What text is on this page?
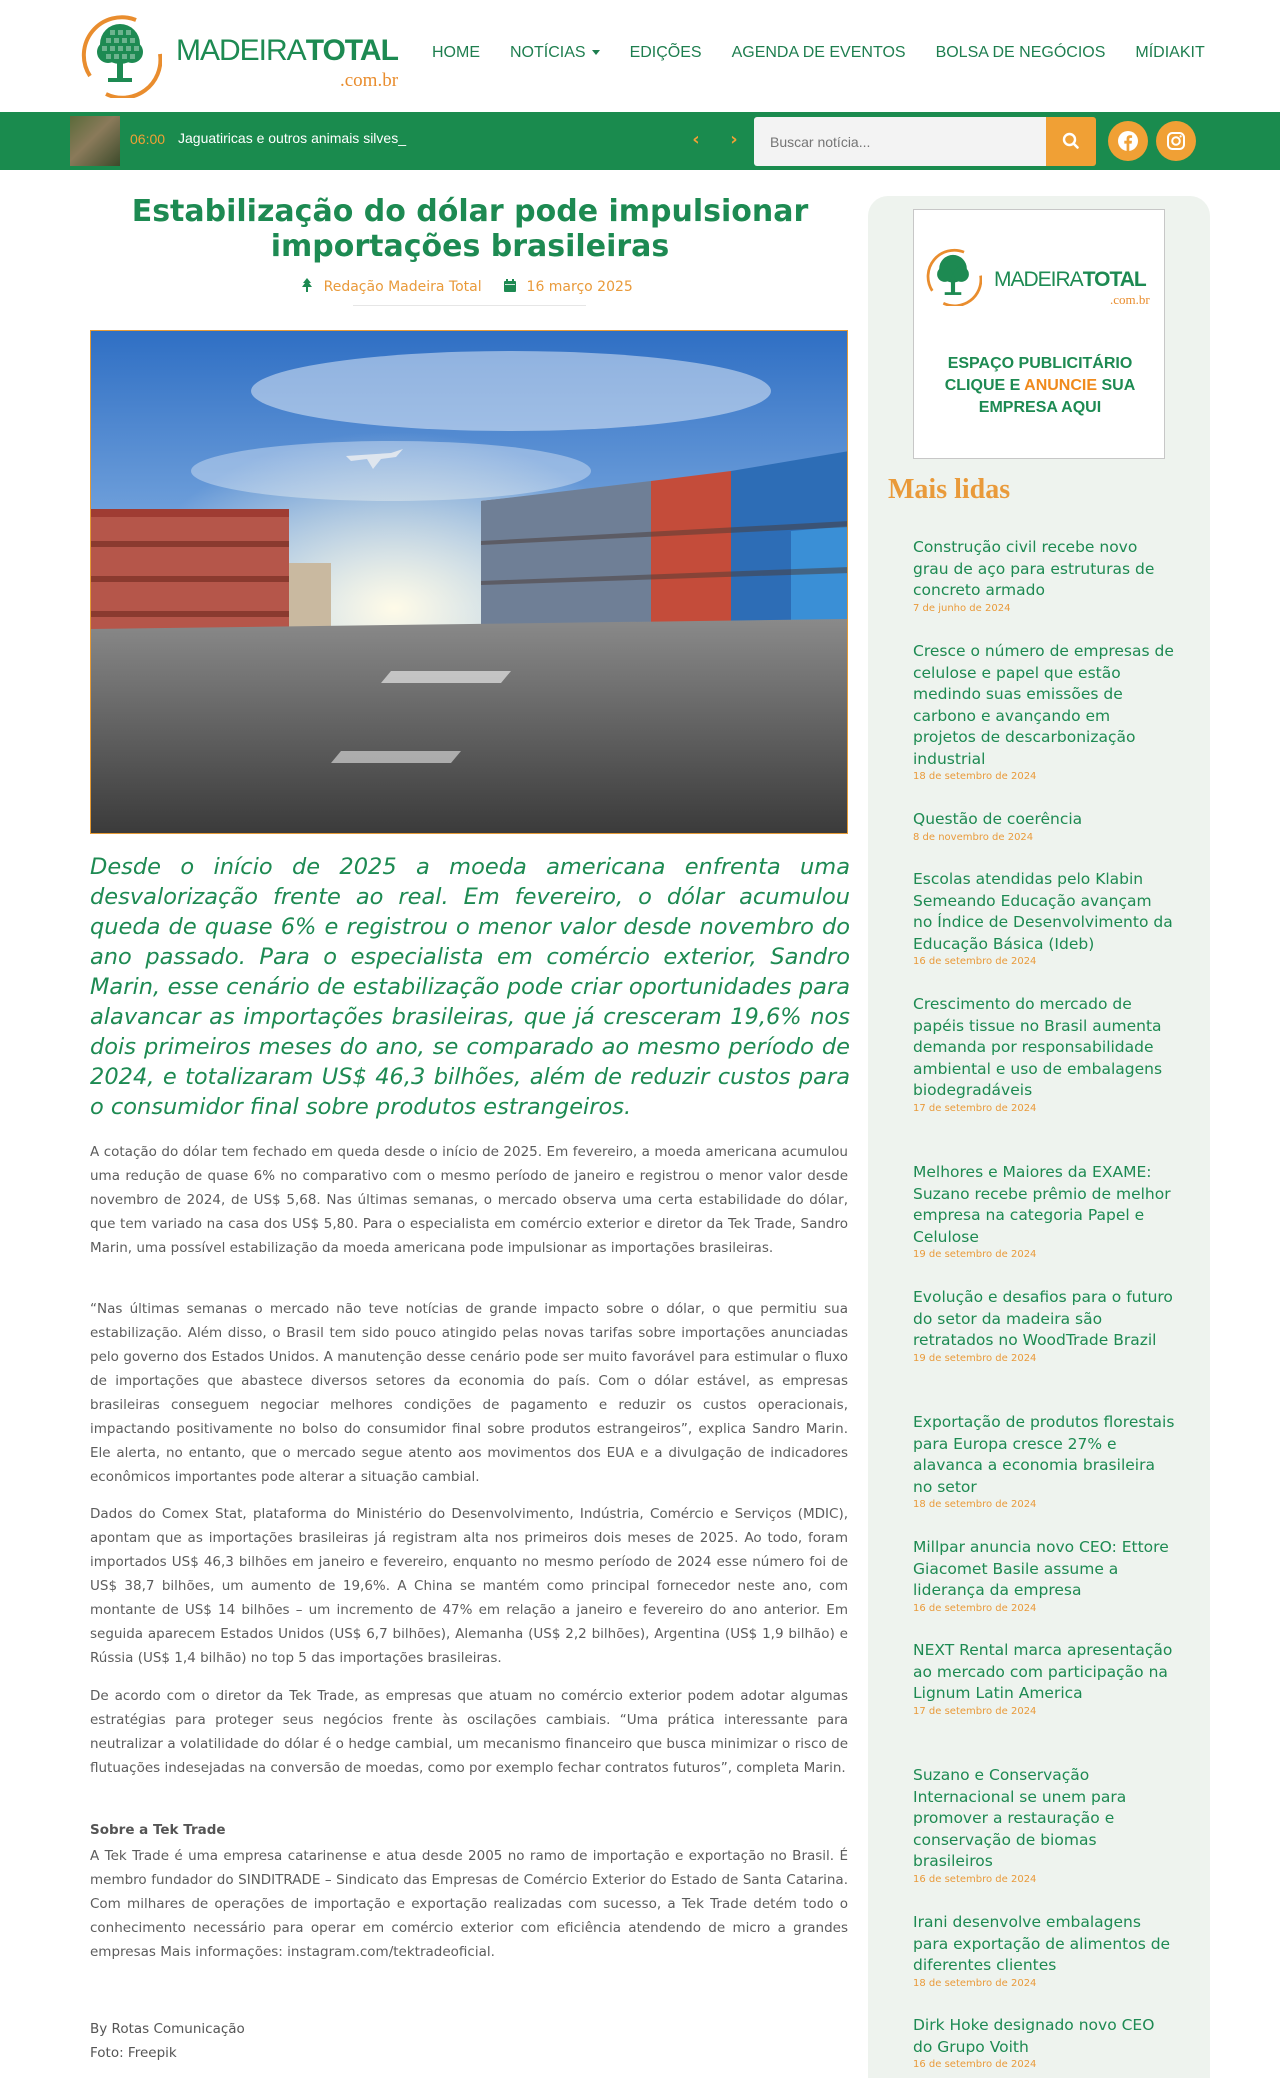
MADEIRATOTAL
.com.br
HOME NOTÍCIAS	EDIÇÕES AGENDA DE EVENTOS BOLSA DE NEGÓCIOS MÍDIAKIT
06:00 Jaguatiricas e outros animais silves_	‹ ›
Buscar notícia...
Estabilização do dólar pode impulsionar importações brasileiras
Redação Madeira Total	16 março 2025

Desde o início de 2025 a moeda americana enfrenta uma desvalorização frente ao real. Em fevereiro, o dólar acumulou queda de quase 6% e registrou o menor valor desde novembro do ano passado. Para o especialista em comércio exterior, Sandro Marin, esse cenário de estabilização pode criar oportunidades para alavancar as importações brasileiras, que já cresceram 19,6% nos dois primeiros meses do ano, se comparado ao mesmo período de 2024, e totalizaram US$ 46,3 bilhões, além de reduzir custos para o consumidor final sobre produtos estrangeiros.

A cotação do dólar tem fechado em queda desde o início de 2025. Em fevereiro, a moeda americana acumulou uma redução de quase 6% no comparativo com o mesmo período de janeiro e registrou o menor valor desde novembro de 2024, de US$ 5,68. Nas últimas semanas, o mercado observa uma certa estabilidade do dólar, que tem variado na casa dos US$ 5,80. Para o especialista em comércio exterior e diretor da Tek Trade, Sandro Marin, uma possível estabilização da moeda americana pode impulsionar as importações brasileiras.

“Nas últimas semanas o mercado não teve notícias de grande impacto sobre o dólar, o que permitiu sua estabilização. Além disso, o Brasil tem sido pouco atingido pelas novas tarifas sobre importações anunciadas pelo governo dos Estados Unidos. A manutenção desse cenário pode ser muito favorável para estimular o fluxo de importações que abastece diversos setores da economia do país. Com o dólar estável, as empresas brasileiras conseguem negociar melhores condições de pagamento e reduzir os custos operacionais, impactando positivamente no bolso do consumidor final sobre produtos estrangeiros”, explica Sandro Marin. Ele alerta, no entanto, que o mercado segue atento aos movimentos dos EUA e a divulgação de indicadores econômicos importantes pode alterar a situação cambial.

Dados do Comex Stat, plataforma do Ministério do Desenvolvimento, Indústria, Comércio e Serviços (MDIC), apontam que as importações brasileiras já registram alta nos primeiros dois meses de 2025. Ao todo, foram importados US$ 46,3 bilhões em janeiro e fevereiro, enquanto no mesmo período de 2024 esse número foi de US$ 38,7 bilhões, um aumento de 19,6%. A China se mantém como principal fornecedor neste ano, com montante de US$ 14 bilhões – um incremento de 47% em relação a janeiro e fevereiro do ano anterior. Em seguida aparecem Estados Unidos (US$ 6,7 bilhões), Alemanha (US$ 2,2 bilhões), Argentina (US$ 1,9 bilhão) e Rússia (US$ 1,4 bilhão) no top 5 das importações brasileiras.

De acordo com o diretor da Tek Trade, as empresas que atuam no comércio exterior podem adotar algumas estratégias para proteger seus negócios frente às oscilações cambiais. “Uma prática interessante para neutralizar a volatilidade do dólar é o hedge cambial, um mecanismo financeiro que busca minimizar o risco de flutuações indesejadas na conversão de moedas, como por exemplo fechar contratos futuros”, completa Marin.

Sobre a Tek Trade

A Tek Trade é uma empresa catarinense e atua desde 2005 no ramo de importação e exportação no Brasil. É membro fundador do SINDITRADE – Sindicato das Empresas de Comércio Exterior do Estado de Santa Catarina. Com milhares de operações de importação e exportação realizadas com sucesso, a Tek Trade detém todo o conhecimento necessário para operar em comércio exterior com eficiência atendendo de micro a grandes empresas Mais informações: instagram.com/tektradeoficial.

By Rotas Comunicação
Foto: Freepik
MADEIRATOTAL
.com.br
ESPAÇO PUBLICITÁRIO
CLIQUE E ANUNCIE SUA
EMPRESA AQUI
Mais lidas
Construção civil recebe novo grau de aço para estruturas de concreto armado
7 de junho de 2024
Cresce o número de empresas de celulose e papel que estão medindo suas emissões de carbono e avançando em projetos de descarbonização industrial
18 de setembro de 2024
Questão de coerência
8 de novembro de 2024
Escolas atendidas pelo Klabin Semeando Educação avançam no Índice de Desenvolvimento da Educação Básica (Ideb)
16 de setembro de 2024
Crescimento do mercado de papéis tissue no Brasil aumenta demanda por responsabilidade ambiental e uso de embalagens biodegradáveis
17 de setembro de 2024
Melhores e Maiores da EXAME: Suzano recebe prêmio de melhor empresa na categoria Papel e Celulose
19 de setembro de 2024
Evolução e desafios para o futuro do setor da madeira são retratados no WoodTrade Brazil
19 de setembro de 2024
Exportação de produtos florestais para Europa cresce 27% e alavanca a economia brasileira no setor
18 de setembro de 2024
Millpar anuncia novo CEO: Ettore Giacomet Basile assume a liderança da empresa
16 de setembro de 2024
NEXT Rental marca apresentação ao mercado com participação na Lignum Latin America
17 de setembro de 2024
Suzano e Conservação Internacional se unem para promover a restauração e conservação de biomas brasileiros
16 de setembro de 2024
Irani desenvolve embalagens para exportação de alimentos de diferentes clientes
18 de setembro de 2024
Dirk Hoke designado novo CEO do Grupo Voith
16 de setembro de 2024
